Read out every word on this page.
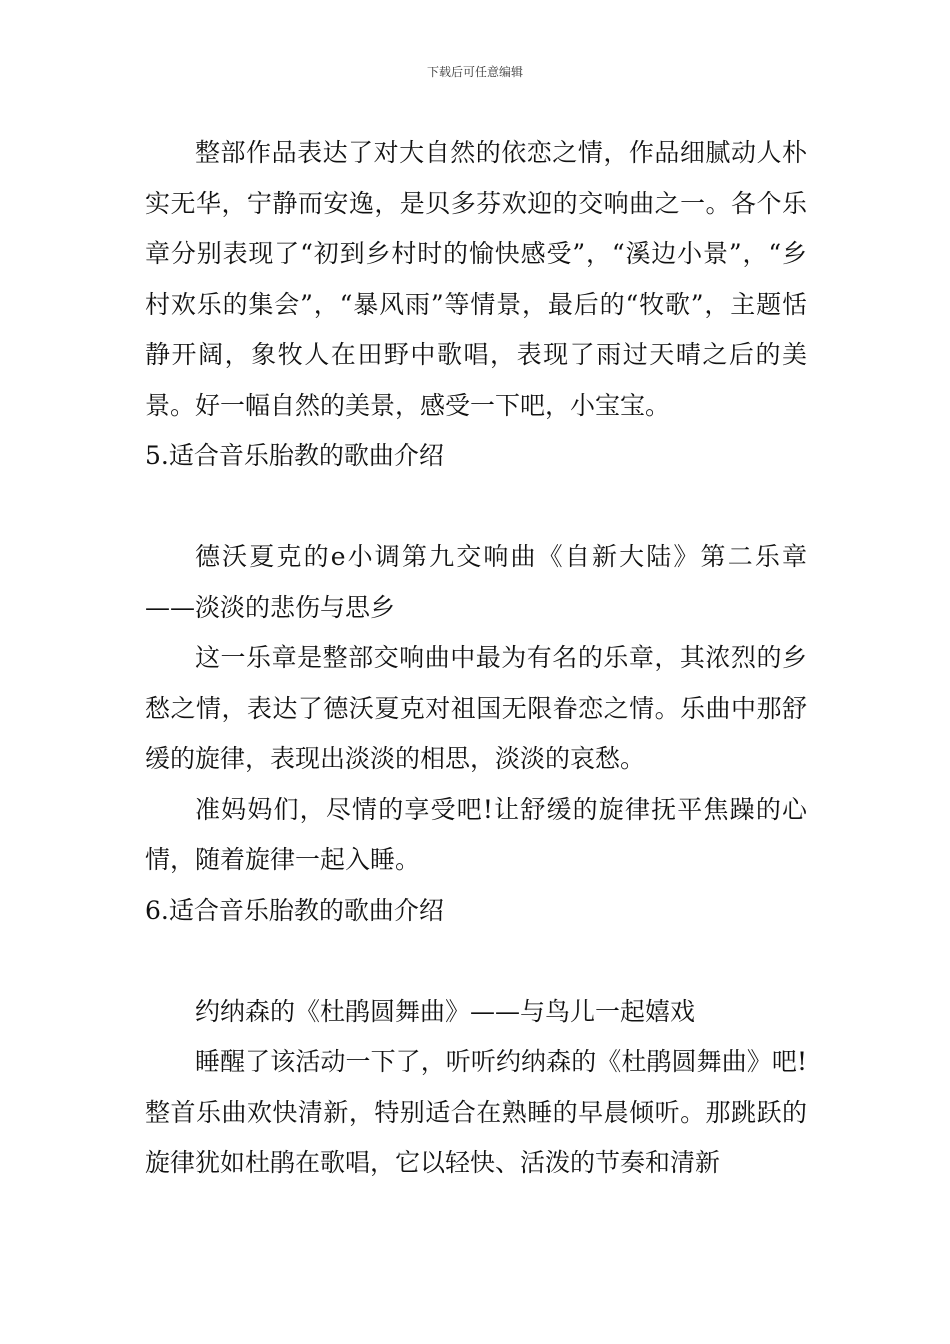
下载后可任意编辑

整部作品表达了对大自然的依恋之情，作品细腻动人朴实无华，宁静而安逸，是贝多芬欢迎的交响曲之一。各个乐章分别表现了“初到乡村时的愉快感受”，“溪边小景”，“乡村欢乐的集会”，“暴风雨”等情景，最后的“牧歌”，主题恬静开阔，象牧人在田野中歌唱，表现了雨过天晴之后的美景。好一幅自然的美景，感受一下吧，小宝宝。

5.适合音乐胎教的歌曲介绍

德沃夏克的e小调第九交响曲《自新大陆》第二乐章——淡淡的悲伤与思乡

这一乐章是整部交响曲中最为有名的乐章，其浓烈的乡愁之情，表达了德沃夏克对祖国无限眷恋之情。乐曲中那舒缓的旋律，表现出淡淡的相思，淡淡的哀愁。

准妈妈们，尽情的享受吧!让舒缓的旋律抚平焦躁的心情，随着旋律一起入睡。

6.适合音乐胎教的歌曲介绍

约纳森的《杜鹃圆舞曲》——与鸟儿一起嬉戏

睡醒了该活动一下了，听听约纳森的《杜鹃圆舞曲》吧!整首乐曲欢快清新，特别适合在熟睡的早晨倾听。那跳跃的旋律犹如杜鹃在歌唱，它以轻快、活泼的节奏和清新
